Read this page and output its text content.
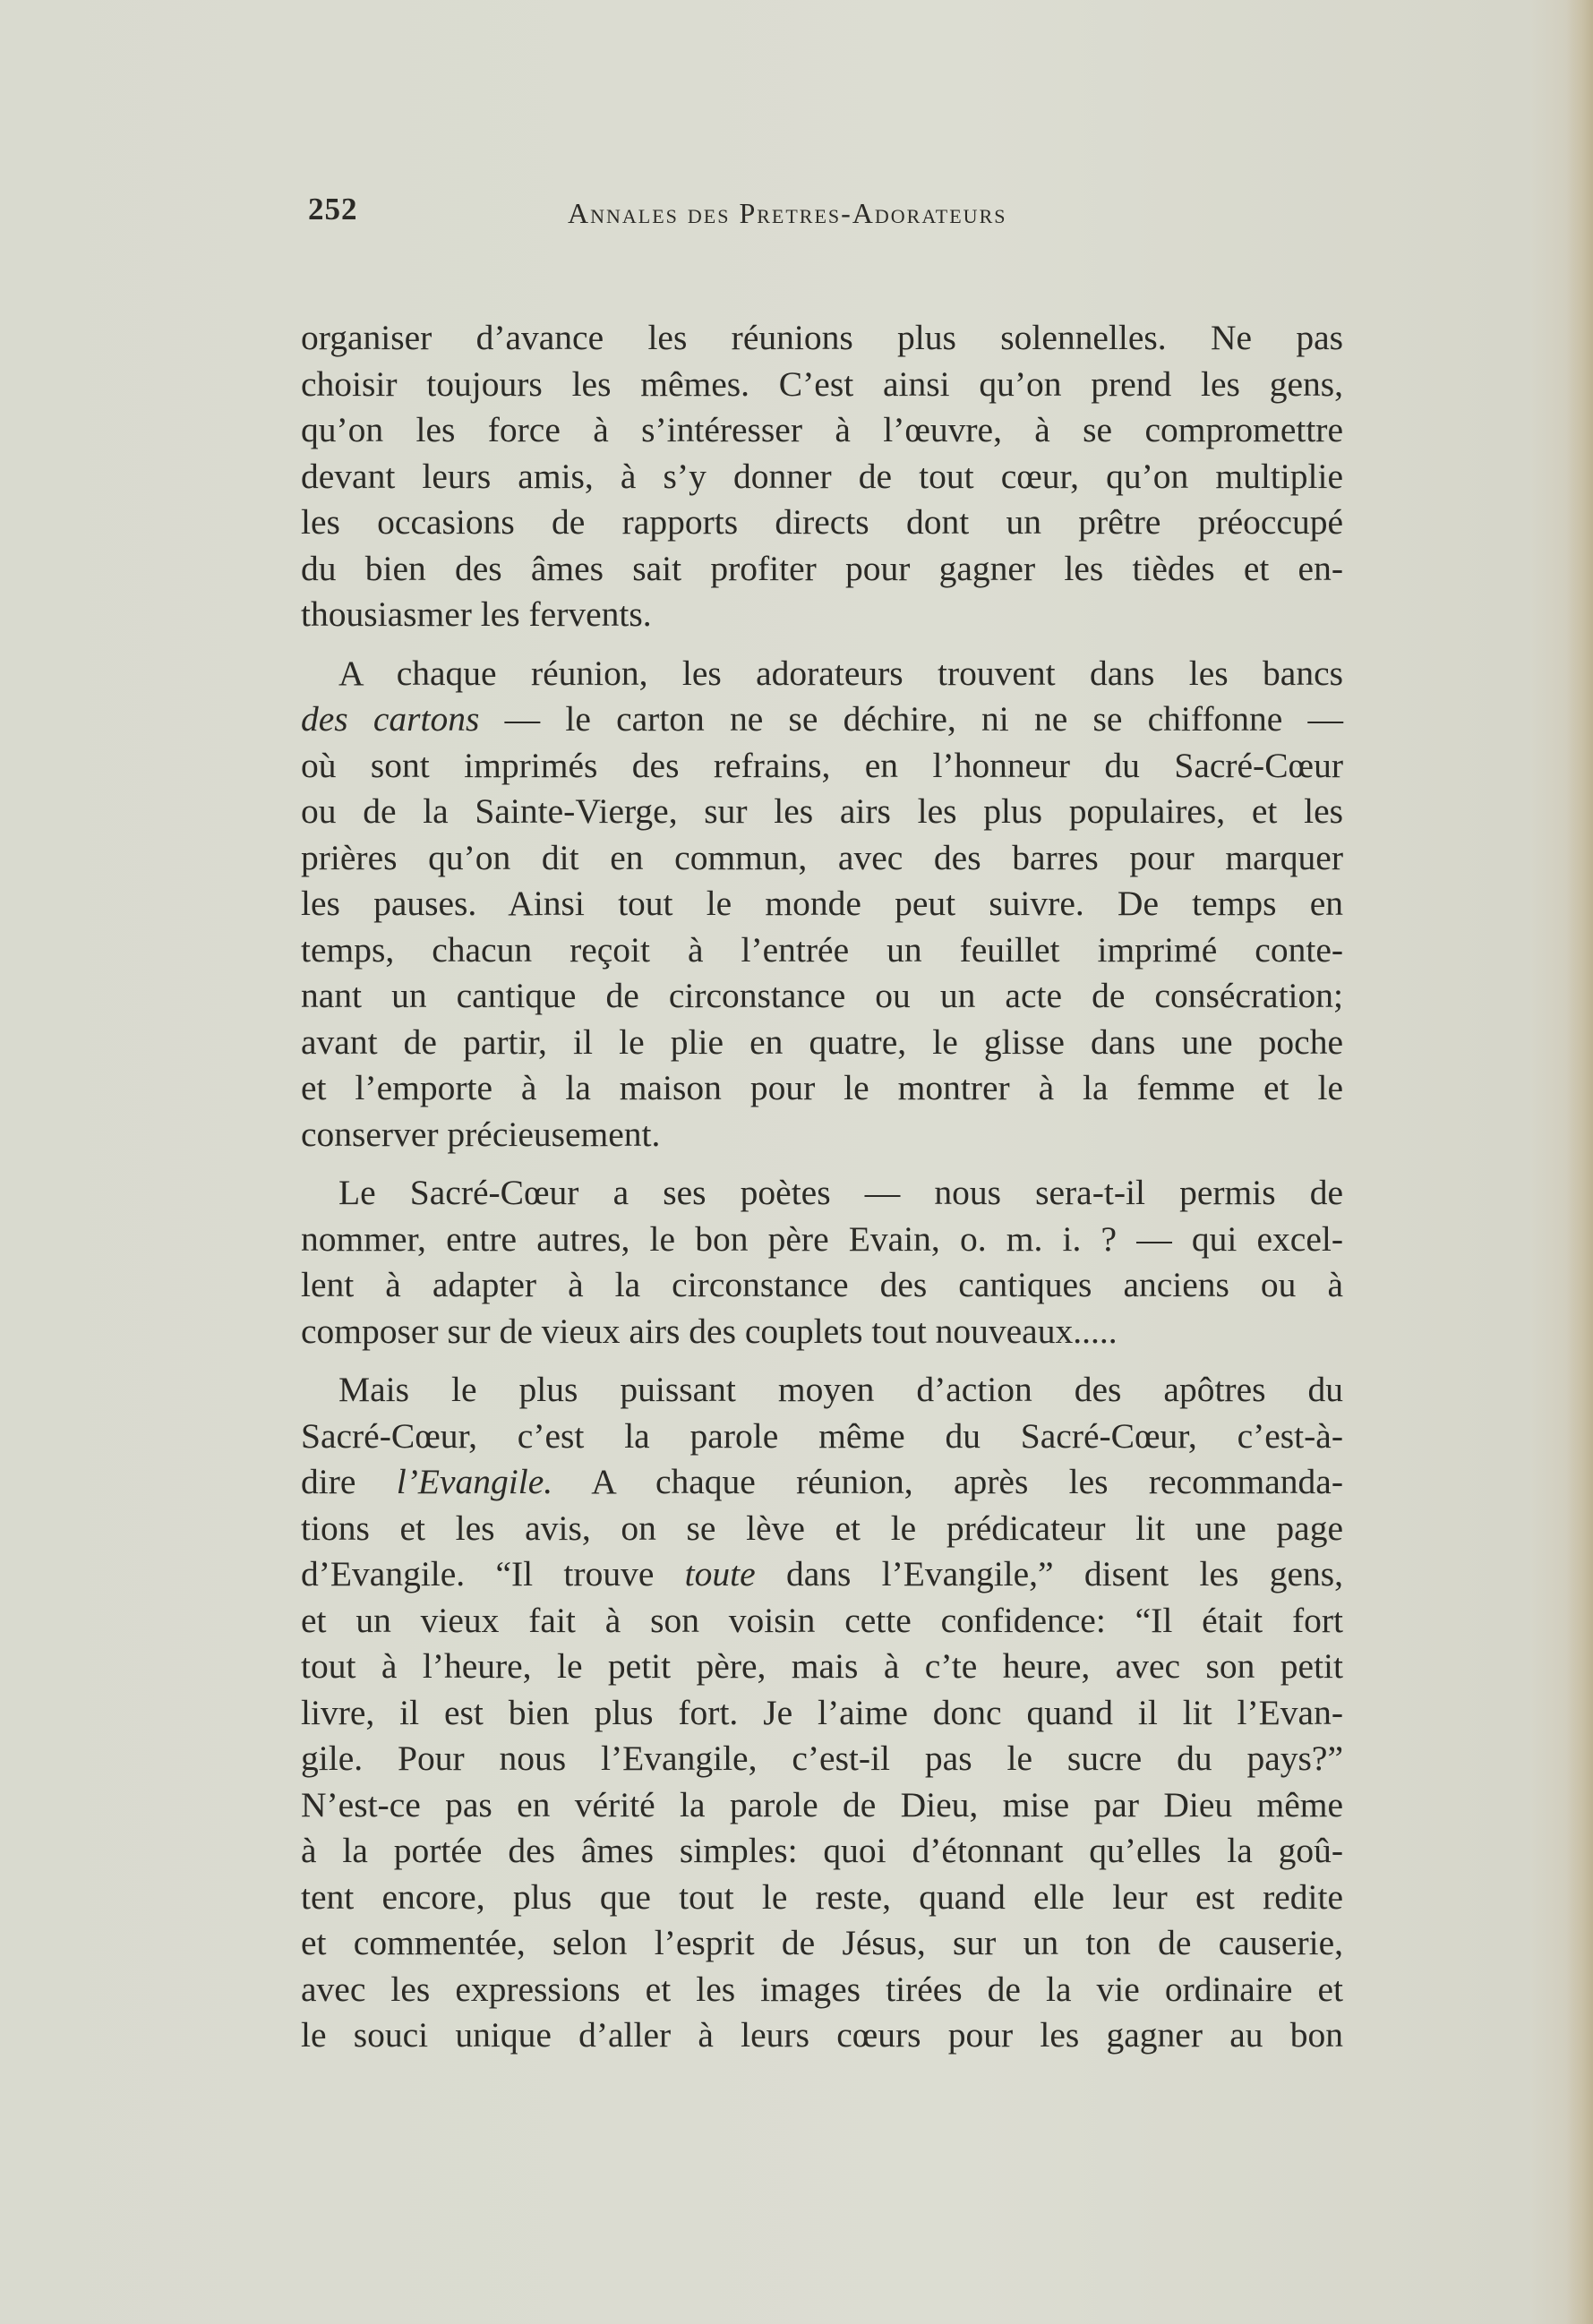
252	Annales des Pretres-Adorateurs

organiser d’avance les réunions plus solennelles. Ne pas
choisir toujours les mêmes. C’est ainsi qu’on prend les gens,
qu’on les force à s’intéresser à l’œuvre, à se compromettre
devant leurs amis, à s’y donner de tout cœur, qu’on multiplie
les occasions de rapports directs dont un prêtre préoccupé
du bien des âmes sait profiter pour gagner les tièdes et en-
thousiasmer les fervents.

A chaque réunion, les adorateurs trouvent dans les bancs
des cartons — le carton ne se déchire, ni ne se chiffonne —
où sont imprimés des refrains, en l’honneur du Sacré-Cœur
ou de la Sainte-Vierge, sur les airs les plus populaires, et les
prières qu’on dit en commun, avec des barres pour marquer
les pauses. Ainsi tout le monde peut suivre. De temps en
temps, chacun reçoit à l’entrée un feuillet imprimé conte-
nant un cantique de circonstance ou un acte de consécration;
avant de partir, il le plie en quatre, le glisse dans une poche
et l’emporte à la maison pour le montrer à la femme et le
conserver précieusement.

Le Sacré-Cœur a ses poètes — nous sera-t-il permis de
nommer, entre autres, le bon père Evain, o. m. i. ? — qui excel-
lent à adapter à la circonstance des cantiques anciens ou à
composer sur de vieux airs des couplets tout nouveaux.....

Mais le plus puissant moyen d’action des apôtres du
Sacré-Cœur, c’est la parole même du Sacré-Cœur, c’est-à-
dire l’Evangile. A chaque réunion, après les recommanda-
tions et les avis, on se lève et le prédicateur lit une page
d’Evangile. “Il trouve toute dans l’Evangile,” disent les gens,
et un vieux fait à son voisin cette confidence: “Il était fort
tout à l’heure, le petit père, mais à c’te heure, avec son petit
livre, il est bien plus fort. Je l’aime donc quand il lit l’Evan-
gile. Pour nous l’Evangile, c’est-il pas le sucre du pays?”
N’est-ce pas en vérité la parole de Dieu, mise par Dieu même
à la portée des âmes simples: quoi d’étonnant qu’elles la goû-
tent encore, plus que tout le reste, quand elle leur est redite
et commentée, selon l’esprit de Jésus, sur un ton de causerie,
avec les expressions et les images tirées de la vie ordinaire et
le souci unique d’aller à leurs cœurs pour les gagner au bon
